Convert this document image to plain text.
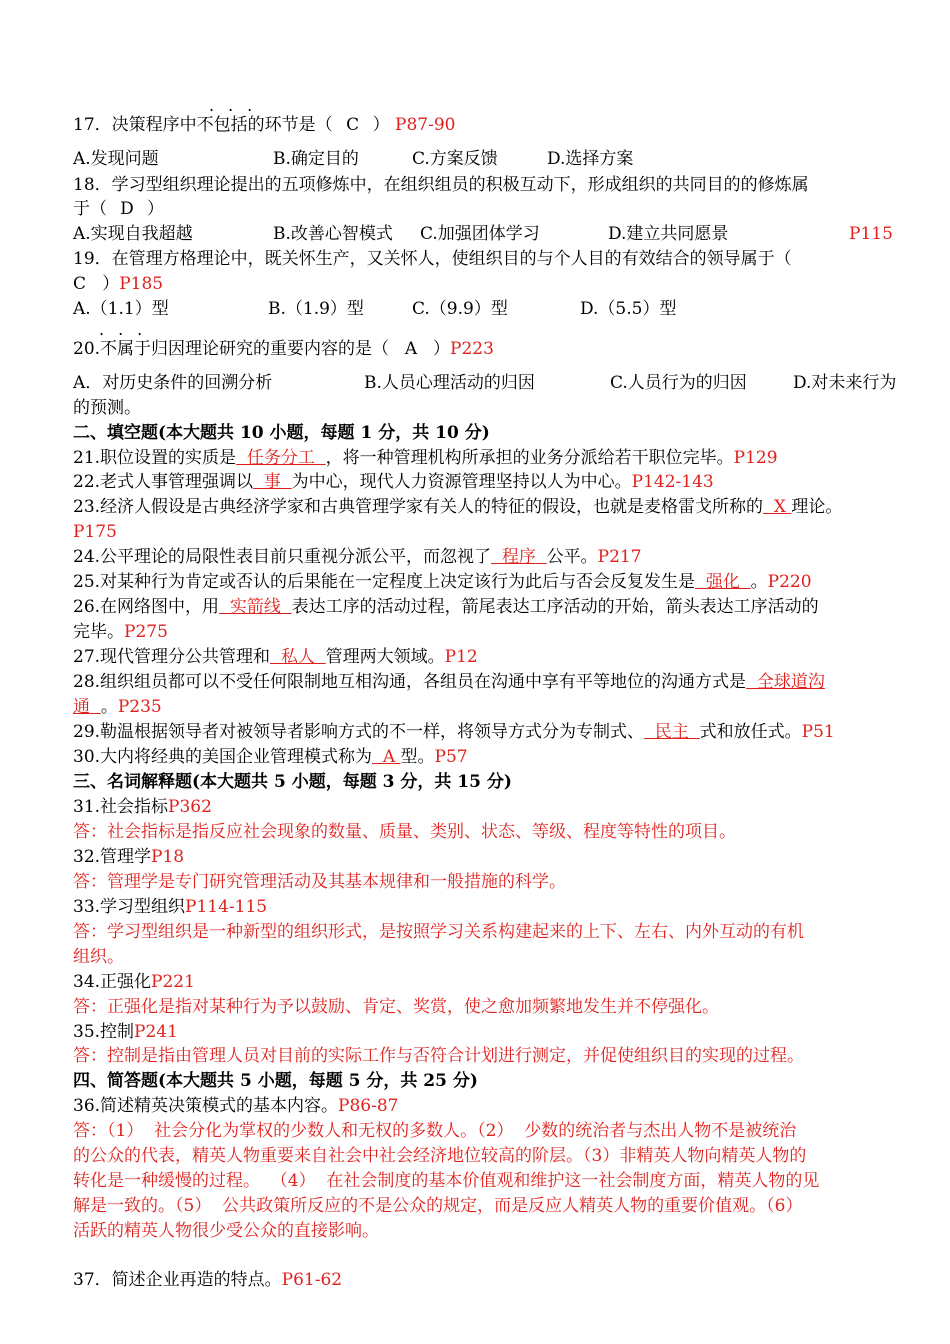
...
17．决策程序中不包括的环节是（ C ） P87-90
A.发现问题	B.确定目的	C.方案反馈	D.选择方案
18．学习型组织理论提出的五项修炼中，在组织组员的积极互动下，形成组织的共同目的的修炼属
于（ D ）
A.实现自我超越	B.改善心智模式 C.加强团体学习	D.建立共同愿景	P115
19．在管理方格理论中，既关怀生产，又关怀人，使组织目的与个人目的有效结合的领导属于（
C ）P185
A.（1.1）型	B.（1.9）型	C.（9.9）型	D.（5.5）型
...
20.不属于归因理论研究的重要内容的是（ A ）P223
A．对历史条件的回溯分析	B.人员心理活动的归因	C.人员行为的归因	D.对未来行为
的预测。
二、填空题(本大题共 10 小题，每题 1 分，共 10 分)
21.职位设置的实质是  任务分工  ，将一种管理机构所承担的业务分派给若干职位完毕。P129
22.老式人事管理强调以  事  为中心，现代人力资源管理坚持以人为中心。P142-143
23.经济人假设是古典经济学家和古典管理学家有关人的特征的假设，也就是麦格雷戈所称的  X 理论。
P175
24.公平理论的局限性表目前只重视分派公平，而忽视了  程序  公平。P217
25.对某种行为肯定或否认的后果能在一定程度上决定该行为此后与否会反复发生是  强化  。P220
26.在网络图中，用  实箭线  表达工序的活动过程，箭尾表达工序活动的开始，箭头表达工序活动的
完毕。P275
27.现代管理分公共管理和  私人  管理两大领域。P12
28.组织组员都可以不受任何限制地互相沟通，各组员在沟通中享有平等地位的沟通方式是  全球道沟
通  。P235
29.勒温根据领导者对被领导者影响方式的不一样，将领导方式分为专制式、  民主  式和放任式。P51
30.大内将经典的美国企业管理模式称为  A 型。P57
三、名词解释题(本大题共 5 小题，每题 3 分，共 15 分)
31.社会指标P362
答：社会指标是指反应社会现象的数量、质量、类别、状态、等级、程度等特性的项目。
32.管理学P18
答：管理学是专门研究管理活动及其基本规律和一般措施的科学。
33.学习型组织P114-115
答：学习型组织是一种新型的组织形式，是按照学习关系构建起来的上下、左右、内外互动的有机
组织。
34.正强化P221
答：正强化是指对某种行为予以鼓励、肯定、奖赏，使之愈加频繁地发生并不停强化。
35.控制P241
答：控制是指由管理人员对目前的实际工作与否符合计划进行测定，并促使组织目的实现的过程。
四、简答题(本大题共 5 小题，每题 5 分，共 25 分)
36.简述精英决策模式的基本内容。P86-87
答：（1）  社会分化为掌权的少数人和无权的多数人。（2）  少数的统治者与杰出人物不是被统治
的公众的代表，精英人物重要来自社会中社会经济地位较高的阶层。（3）非精英人物向精英人物的
转化是一种缓慢的过程。  （4）  在社会制度的基本价值观和维护这一社会制度方面，精英人物的见
解是一致的。（5）  公共政策所反应的不是公众的规定，而是反应人精英人物的重要价值观。（6）
活跃的精英人物很少受公众的直接影响。
37．简述企业再造的特点。P61-62
